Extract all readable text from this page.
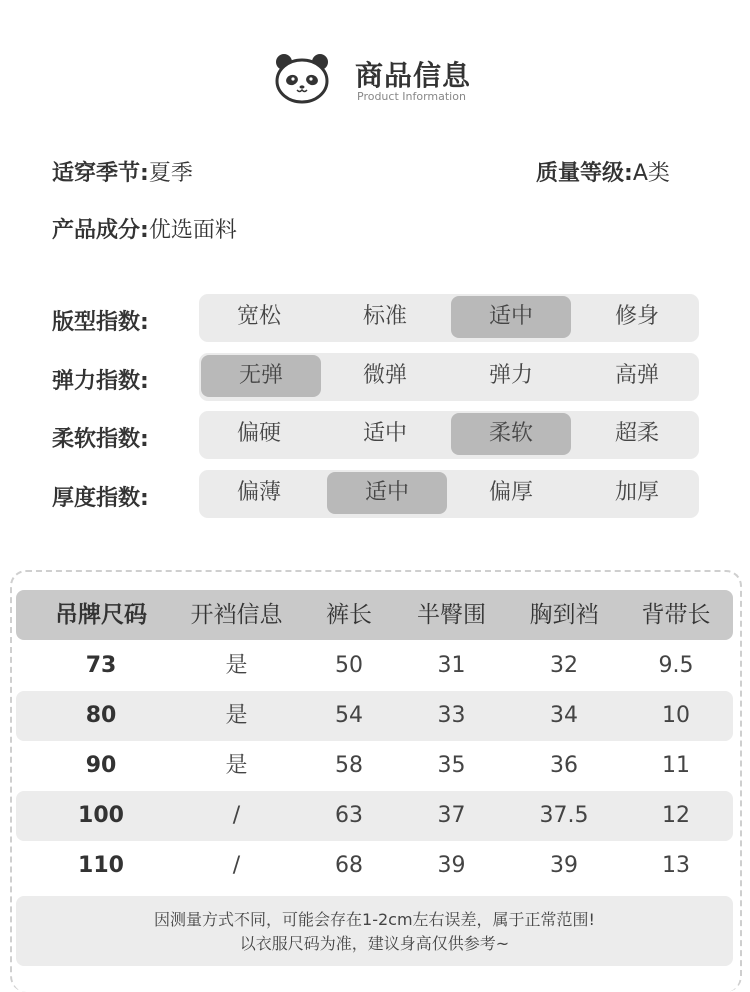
商品信息
Product Information
适穿季节:夏季	质量等级:A类
产品成分:优选面料
版型指数:	宽松	标准	适中	修身
弹力指数:	无弹	微弹	弹力	高弹
柔软指数:	偏硬	适中	柔软	超柔
厚度指数:	偏薄	适中	偏厚	加厚
吊牌尺码	开裆信息	裤长	半臀围	胸到裆	背带长
73	是	50	31	32	9.5
80	是	54	33	34	10
90	是	58	35	36	11
100	/	63	37	37.5	12
110	/	68	39	39	13
因测量方式不同，可能会存在1-2cm左右误差，属于正常范围!
以衣服尺码为准，建议身高仅供参考~
